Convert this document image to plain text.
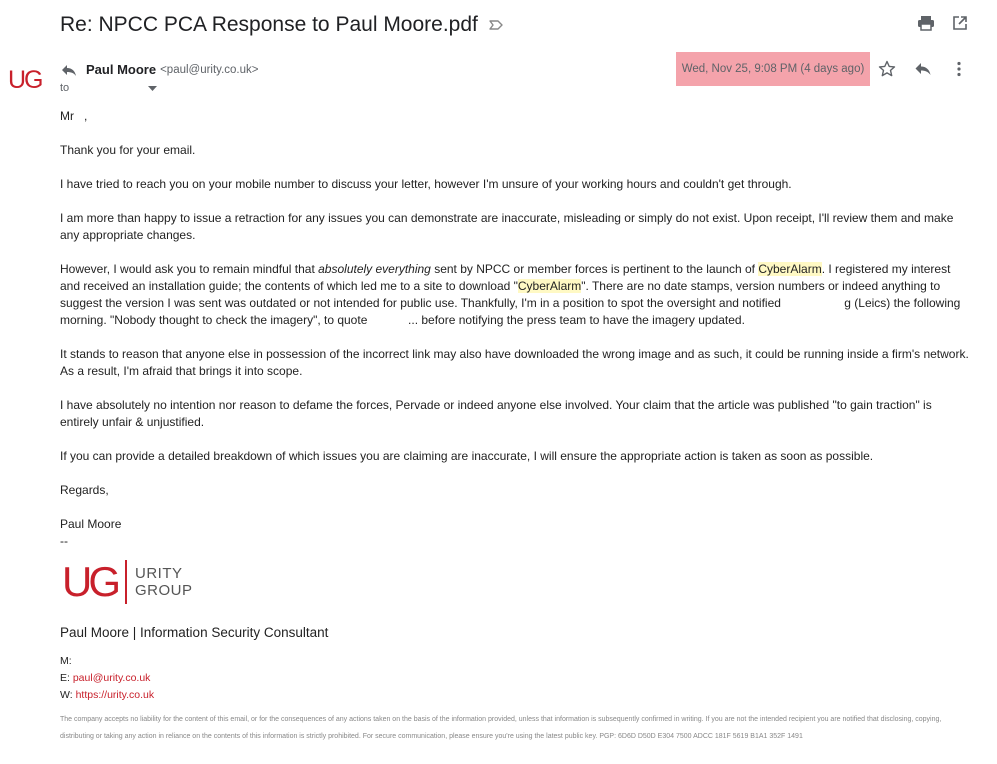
Re: NPCC PCA Response to Paul Moore.pdf
UG	Paul Moore <paul@urity.co.uk>
to
Wed, Nov 25, 9:08 PM (4 days ago)

Mr ,

Thank you for your email.

I have tried to reach you on your mobile number to discuss your letter, however I'm unsure of your working hours and couldn't get through.

I am more than happy to issue a retraction for any issues you can demonstrate are inaccurate, misleading or simply do not exist. Upon receipt, I'll review them and make any appropriate changes.

However, I would ask you to remain mindful that absolutely everything sent by NPCC or member forces is pertinent to the launch of CyberAlarm. I registered my interest and received an installation guide; the contents of which led me to a site to download "CyberAlarm". There are no date stamps, version numbers or indeed anything to suggest the version I was sent was outdated or not intended for public use. Thankfully, I'm in a position to spot the oversight and notified	g (Leics) the following morning. "Nobody thought to check the imagery", to quote	... before notifying the press team to have the imagery updated.

It stands to reason that anyone else in possession of the incorrect link may also have downloaded the wrong image and as such, it could be running inside a firm's network. As a result, I'm afraid that brings it into scope.

I have absolutely no intention nor reason to defame the forces, Pervade or indeed anyone else involved. Your claim that the article was published "to gain traction" is entirely unfair & unjustified.

If you can provide a detailed breakdown of which issues you are claiming are inaccurate, I will ensure the appropriate action is taken as soon as possible.

Regards,

Paul Moore

--

UG URITY
GROUP
Paul Moore | Information Security Consultant
M:
E: paul@urity.co.uk
W: https://urity.co.uk
The company accepts no liability for the content of this email, or for the consequences of any actions taken on the basis of the information provided, unless that information is subsequently confirmed in writing. If you are not the intended recipient you are notified that disclosing, copying, distributing or taking any action in reliance on the contents of this information is strictly prohibited. For secure communication, please ensure you're using the latest public key. PGP: 6D6D D50D E304 7500 ADCC 181F 5619 B1A1 352F 1491
